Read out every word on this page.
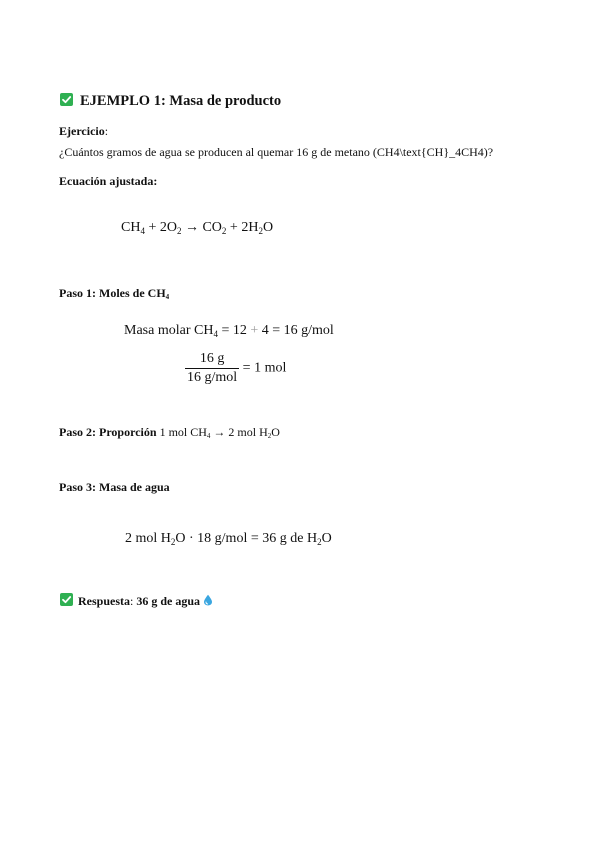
EJEMPLO 1: Masa de producto
Ejercicio:
¿Cuántos gramos de agua se producen al quemar 16 g de metano (CH4\text{CH}_4CH4)?
Ecuación ajustada:
$CH_4 + 2O_2 \to CO_2 + 2H_2O$
Paso 1: Moles de $CH_4$
Masa molar $CH_4 = 12 + 4 = 16$ g/mol
$\frac{16 g}{\text{16 g/mol}} = 1$ mol
Paso 2: Proporción 1 mol $CH_4 \to 2$ mol $H_2O$
Paso 3: Masa de agua
2 mol $H_2O \cdot 18$ g/mol = 36 g de $H_2O$
Respuesta: 36 g de agua
